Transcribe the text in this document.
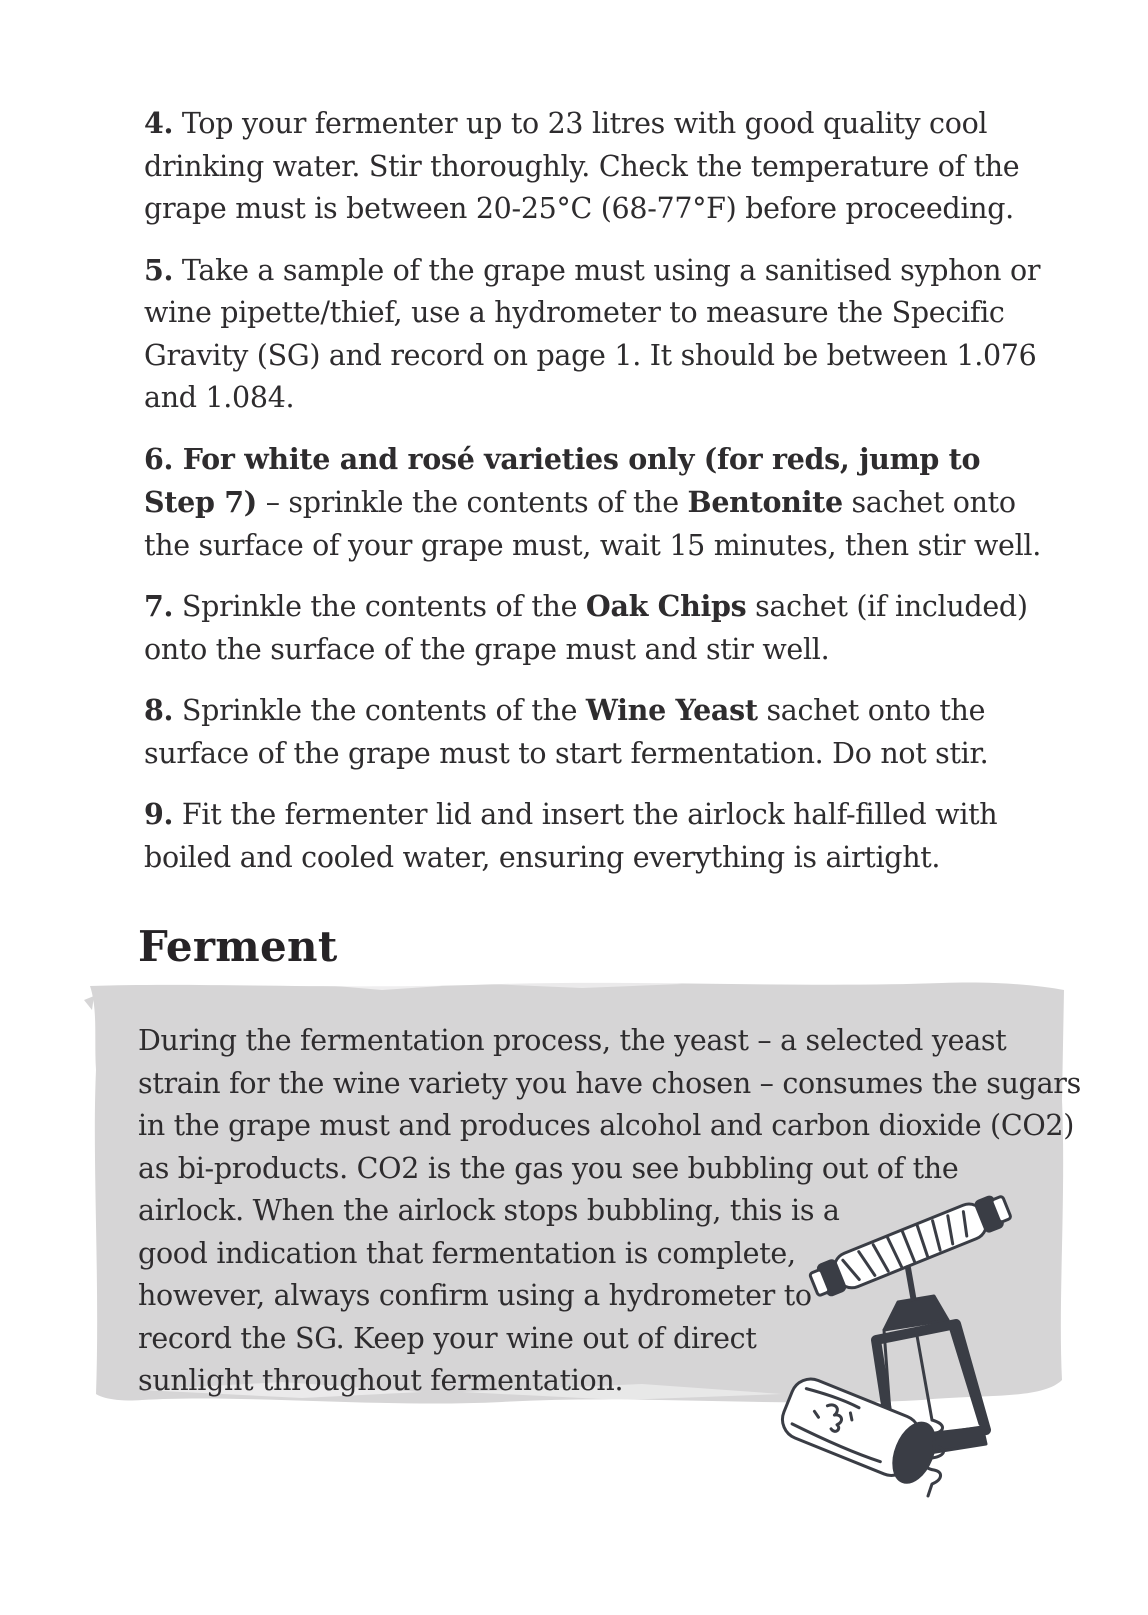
4. Top your fermenter up to 23 litres with good quality cool drinking water. Stir thoroughly. Check the temperature of the grape must is between 20-25°C (68-77°F) before proceeding.

5. Take a sample of the grape must using a sanitised syphon or wine pipette/thief, use a hydrometer to measure the Specific Gravity (SG) and record on page 1. It should be between 1.076 and 1.084.

6. For white and rosé varieties only (for reds, jump to Step 7) – sprinkle the contents of the Bentonite sachet onto the surface of your grape must, wait 15 minutes, then stir well.

7. Sprinkle the contents of the Oak Chips sachet (if included) onto the surface of the grape must and stir well.

8. Sprinkle the contents of the Wine Yeast sachet onto the surface of the grape must to start fermentation. Do not stir.

9. Fit the fermenter lid and insert the airlock half-filled with boiled and cooled water, ensuring everything is airtight.

Ferment

During the fermentation process, the yeast – a selected yeast
strain for the wine variety you have chosen – consumes the sugars
in the grape must and produces alcohol and carbon dioxide (CO2)
as bi-products. CO2 is the gas you see bubbling out of the
airlock. When the airlock stops bubbling, this is a
good indication that fermentation is complete,
however, always confirm using a hydrometer to
record the SG. Keep your wine out of direct
sunlight throughout fermentation.
